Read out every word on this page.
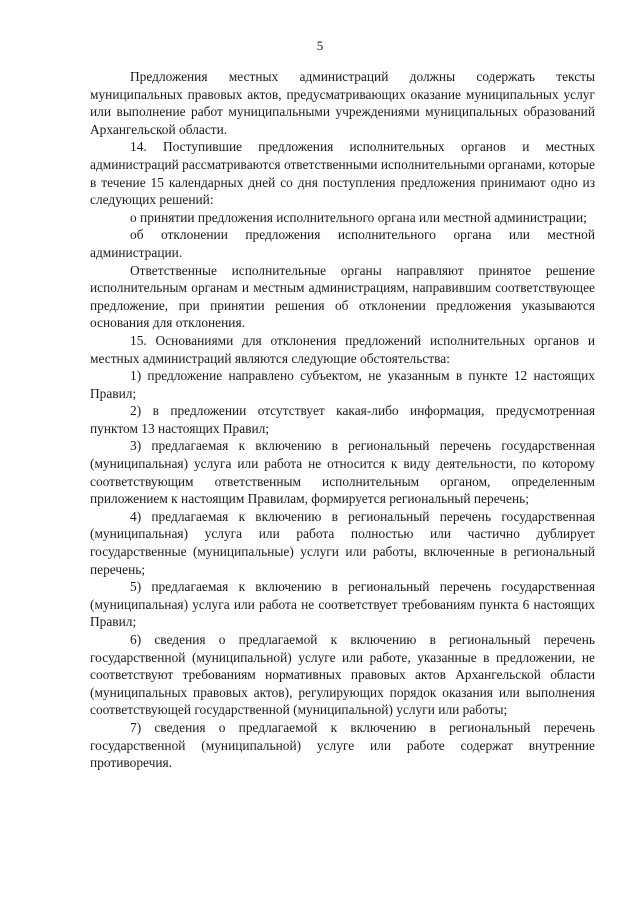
5

Предложения местных администраций должны содержать тексты муниципальных правовых актов, предусматривающих оказание муниципальных услуг или выполнение работ муниципальными учреждениями муниципальных образований Архангельской области.

14. Поступившие предложения исполнительных органов и местных администраций рассматриваются ответственными исполнительными органами, которые в течение 15 календарных дней со дня поступления предложения принимают одно из следующих решений:

о принятии предложения исполнительного органа или местной администрации;

об отклонении предложения исполнительного органа или местной администрации.

Ответственные исполнительные органы направляют принятое решение исполнительным органам и местным администрациям, направившим соответствующее предложение, при принятии решения об отклонении предложения указываются основания для отклонения.

15. Основаниями для отклонения предложений исполнительных органов и местных администраций являются следующие обстоятельства:

1) предложение направлено субъектом, не указанным в пункте 12 настоящих Правил;

2) в предложении отсутствует какая-либо информация, предусмотренная пунктом 13 настоящих Правил;

3) предлагаемая к включению в региональный перечень государственная (муниципальная) услуга или работа не относится к виду деятельности, по которому соответствующим ответственным исполнительным органом, определенным приложением к настоящим Правилам, формируется региональный перечень;

4) предлагаемая к включению в региональный перечень государственная (муниципальная) услуга или работа полностью или частично дублирует государственные (муниципальные) услуги или работы, включенные в региональный перечень;

5) предлагаемая к включению в региональный перечень государственная (муниципальная) услуга или работа не соответствует требованиям пункта 6 настоящих Правил;

6) сведения о предлагаемой к включению в региональный перечень государственной (муниципальной) услуге или работе, указанные в предложении, не соответствуют требованиям нормативных правовых актов Архангельской области (муниципальных правовых актов), регулирующих порядок оказания или выполнения соответствующей государственной (муниципальной) услуги или работы;

7) сведения о предлагаемой к включению в региональный перечень государственной (муниципальной) услуге или работе содержат внутренние противоречия.
